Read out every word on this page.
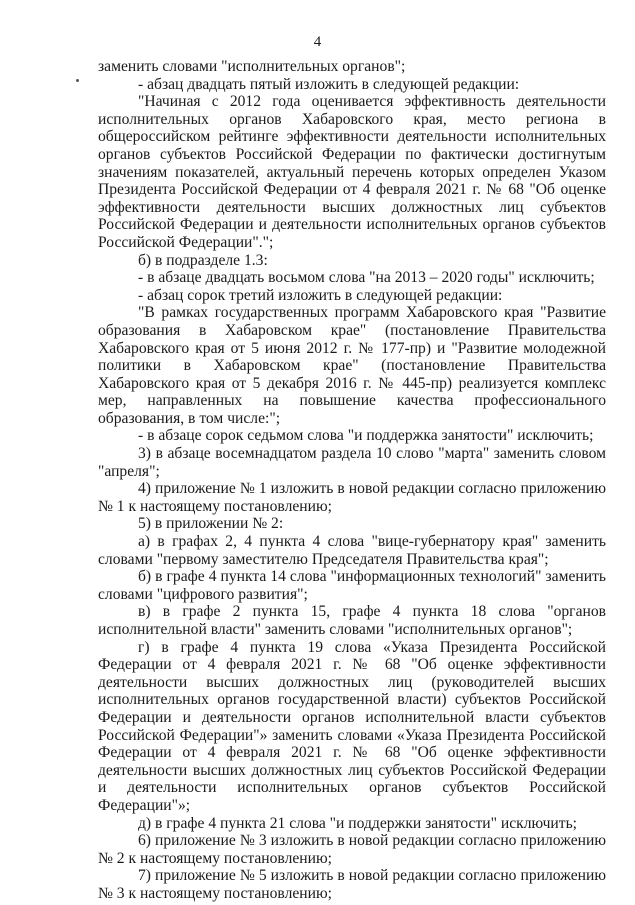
4

заменить словами "исполнительных органов";

- абзац двадцать пятый изложить в следующей редакции:

"Начиная с 2012 года оценивается эффективность деятельности исполнительных органов Хабаровского края, место региона в общероссийском рейтинге эффективности деятельности исполнительных органов субъектов Российской Федерации по фактически достигнутым значениям показателей, актуальный перечень которых определен Указом Президента Российской Федерации от 4 февраля 2021 г. № 68 "Об оценке эффективности деятельности высших должностных лиц субъектов Российской Федерации и деятельности исполнительных органов субъектов Российской Федерации".";

б) в подразделе 1.3:

- в абзаце двадцать восьмом слова "на 2013 – 2020 годы" исключить;

- абзац сорок третий изложить в следующей редакции:

"В рамках государственных программ Хабаровского края "Развитие образования в Хабаровском крае" (постановление Правительства Хабаровского края от 5 июня 2012 г. № 177-пр) и "Развитие молодежной политики в Хабаровском крае" (постановление Правительства Хабаровского края от 5 декабря 2016 г. № 445-пр) реализуется комплекс мер, направленных на повышение качества профессионального образования, в том числе:";

- в абзаце сорок седьмом слова "и поддержка занятости" исключить;

3) в абзаце восемнадцатом раздела 10 слово "марта" заменить словом "апреля";

4) приложение № 1 изложить в новой редакции согласно приложению № 1 к настоящему постановлению;

5) в приложении № 2:

а) в графах 2, 4 пункта 4 слова "вице-губернатору края" заменить словами "первому заместителю Председателя Правительства края";

б) в графе 4 пункта 14 слова "информационных технологий" заменить словами "цифрового развития";

в) в графе 2 пункта 15, графе 4 пункта 18 слова "органов исполнительной власти" заменить словами "исполнительных органов";

г) в графе 4 пункта 19 слова «Указа Президента Российской Федерации от 4 февраля 2021 г. № 68 "Об оценке эффективности деятельности высших должностных лиц (руководителей высших исполнительных органов государственной власти) субъектов Российской Федерации и деятельности органов исполнительной власти субъектов Российской Федерации"» заменить словами «Указа Президента Российской Федерации от 4 февраля 2021 г. № 68 "Об оценке эффективности деятельности высших должностных лиц субъектов Российской Федерации и деятельности исполнительных органов субъектов Российской Федерации"»;

д) в графе 4 пункта 21 слова "и поддержки занятости" исключить;

6) приложение № 3 изложить в новой редакции согласно приложению № 2 к настоящему постановлению;

7) приложение № 5 изложить в новой редакции согласно приложению № 3 к настоящему постановлению;
